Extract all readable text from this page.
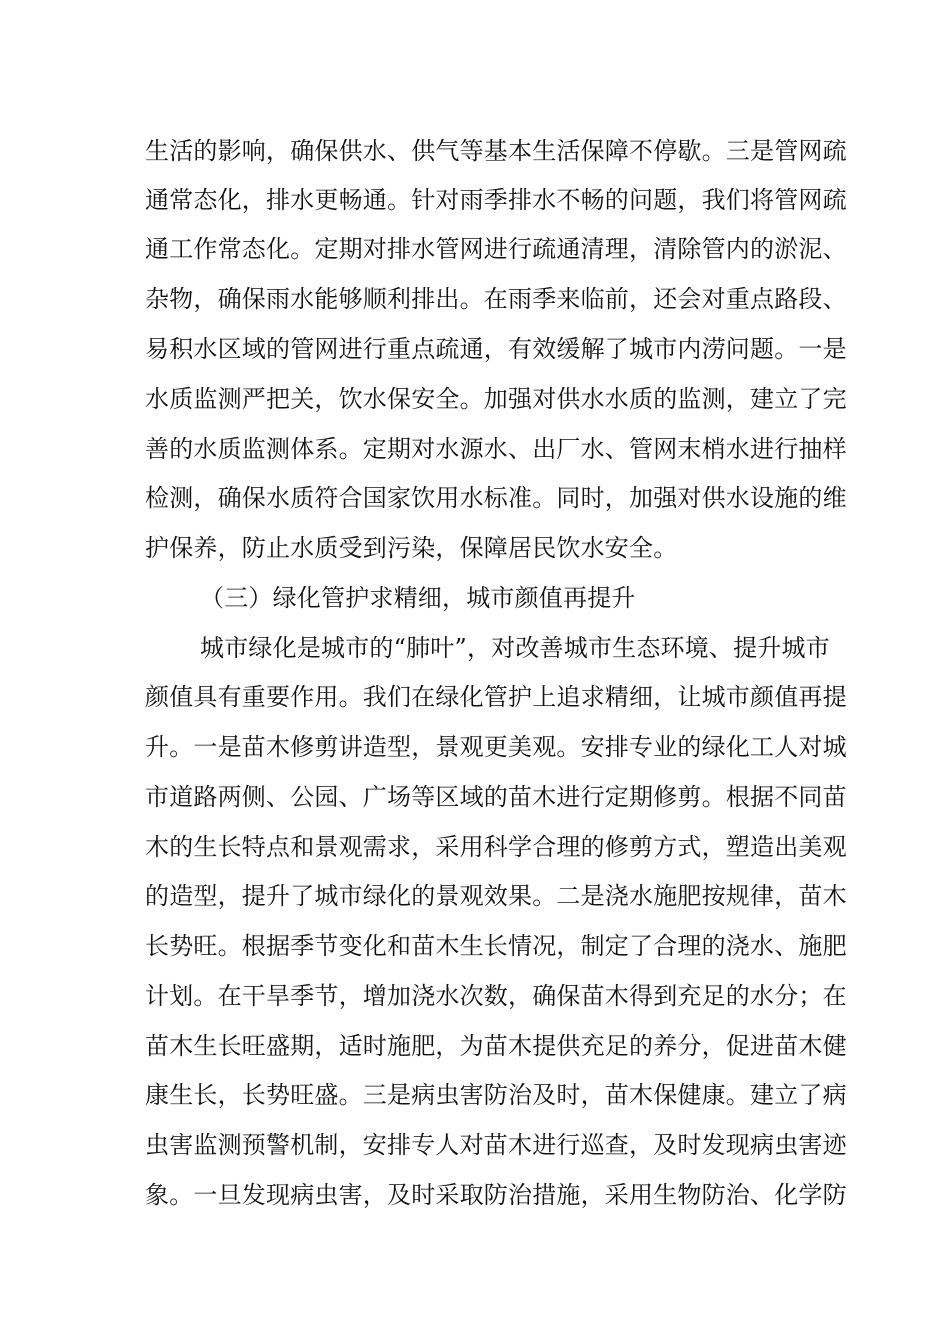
生活的影响，确保供水、供气等基本生活保障不停歇。三是管网疏
通常态化，排水更畅通。针对雨季排水不畅的问题，我们将管网疏
通工作常态化。定期对排水管网进行疏通清理，清除管内的淤泥、
杂物，确保雨水能够顺利排出。在雨季来临前，还会对重点路段、
易积水区域的管网进行重点疏通，有效缓解了城市内涝问题。一是
水质监测严把关，饮水保安全。加强对供水水质的监测，建立了完
善的水质监测体系。定期对水源水、出厂水、管网末梢水进行抽样
检测，确保水质符合国家饮用水标准。同时，加强对供水设施的维
护保养，防止水质受到污染，保障居民饮水安全。
（三）绿化管护求精细，城市颜值再提升
城市绿化是城市的“肺叶”，对改善城市生态环境、提升城市
颜值具有重要作用。我们在绿化管护上追求精细，让城市颜值再提
升。一是苗木修剪讲造型，景观更美观。安排专业的绿化工人对城
市道路两侧、公园、广场等区域的苗木进行定期修剪。根据不同苗
木的生长特点和景观需求，采用科学合理的修剪方式，塑造出美观
的造型，提升了城市绿化的景观效果。二是浇水施肥按规律，苗木
长势旺。根据季节变化和苗木生长情况，制定了合理的浇水、施肥
计划。在干旱季节，增加浇水次数，确保苗木得到充足的水分；在
苗木生长旺盛期，适时施肥，为苗木提供充足的养分，促进苗木健
康生长，长势旺盛。三是病虫害防治及时，苗木保健康。建立了病
虫害监测预警机制，安排专人对苗木进行巡查，及时发现病虫害迹
象。一旦发现病虫害，及时采取防治措施，采用生物防治、化学防
